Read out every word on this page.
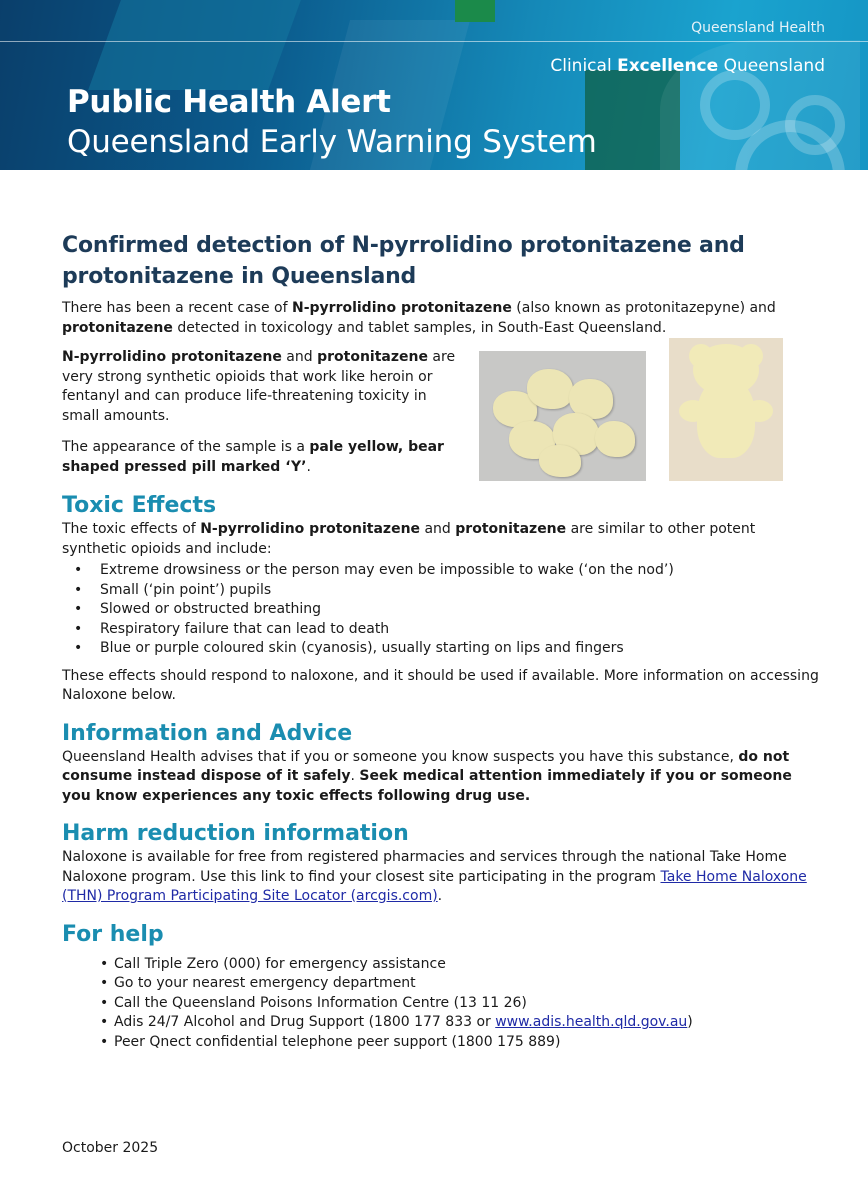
Queensland Health
Clinical Excellence Queensland
Public Health Alert
Queensland Early Warning System
Confirmed detection of N-pyrrolidino protonitazene and protonitazene in Queensland

There has been a recent case of N-pyrrolidino protonitazene (also known as protonitazepyne) and protonitazene detected in toxicology and tablet samples, in South-East Queensland.

N-pyrrolidino protonitazene and protonitazene are very strong synthetic opioids that work like heroin or fentanyl and can produce life-threatening toxicity in small amounts.

The appearance of the sample is a pale yellow, bear shaped pressed pill marked ‘Y’.

Toxic Effects

The toxic effects of N-pyrrolidino protonitazene and protonitazene are similar to other potent synthetic opioids and include:

• Extreme drowsiness or the person may even be impossible to wake (‘on the nod’)
• Small (‘pin point’) pupils
• Slowed or obstructed breathing
• Respiratory failure that can lead to death
• Blue or purple coloured skin (cyanosis), usually starting on lips and fingers

These effects should respond to naloxone, and it should be used if available. More information on accessing Naloxone below.

Information and Advice

Queensland Health advises that if you or someone you know suspects you have this substance, do not consume instead dispose of it safely. Seek medical attention immediately if you or someone you know experiences any toxic effects following drug use.

Harm reduction information

Naloxone is available for free from registered pharmacies and services through the national Take Home Naloxone program. Use this link to find your closest site participating in the program Take Home Naloxone (THN) Program Participating Site Locator (arcgis.com).

For help
• Call Triple Zero (000) for emergency assistance
• Go to your nearest emergency department
• Call the Queensland Poisons Information Centre (13 11 26)
• Adis 24/7 Alcohol and Drug Support (1800 177 833 or www.adis.health.qld.gov.au)
• Peer Qnect confidential telephone peer support (1800 175 889)
October 2025
